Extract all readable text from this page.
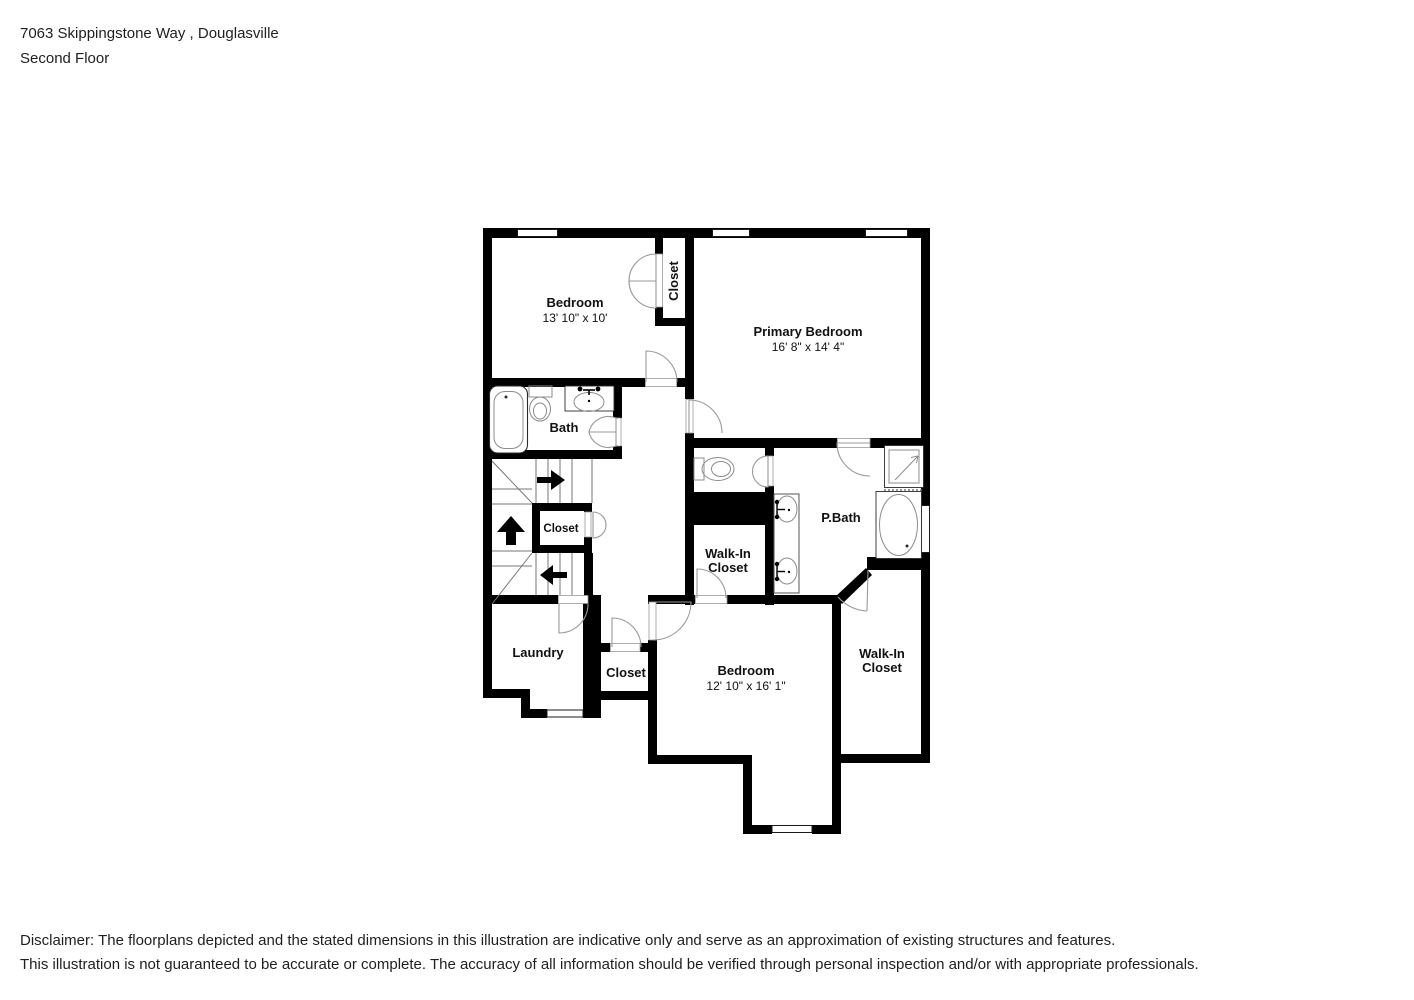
7063 Skippingstone Way , Douglasville
Second Floor
Bedroom
13' 10" x 10'
Closet
Primary Bedroom
16' 8" x 14' 4"
Bath
Closet
Walk-In
Closet
P.Bath
Laundry
Closet	Bedroom
12' 10" x 16' 1"
Walk-In
Closet
Disclaimer: The floorplans depicted and the stated dimensions in this illustration are indicative only and serve as an approximation of existing structures and features.
This illustration is not guaranteed to be accurate or complete. The accuracy of all information should be verified through personal inspection and/or with appropriate professionals.
